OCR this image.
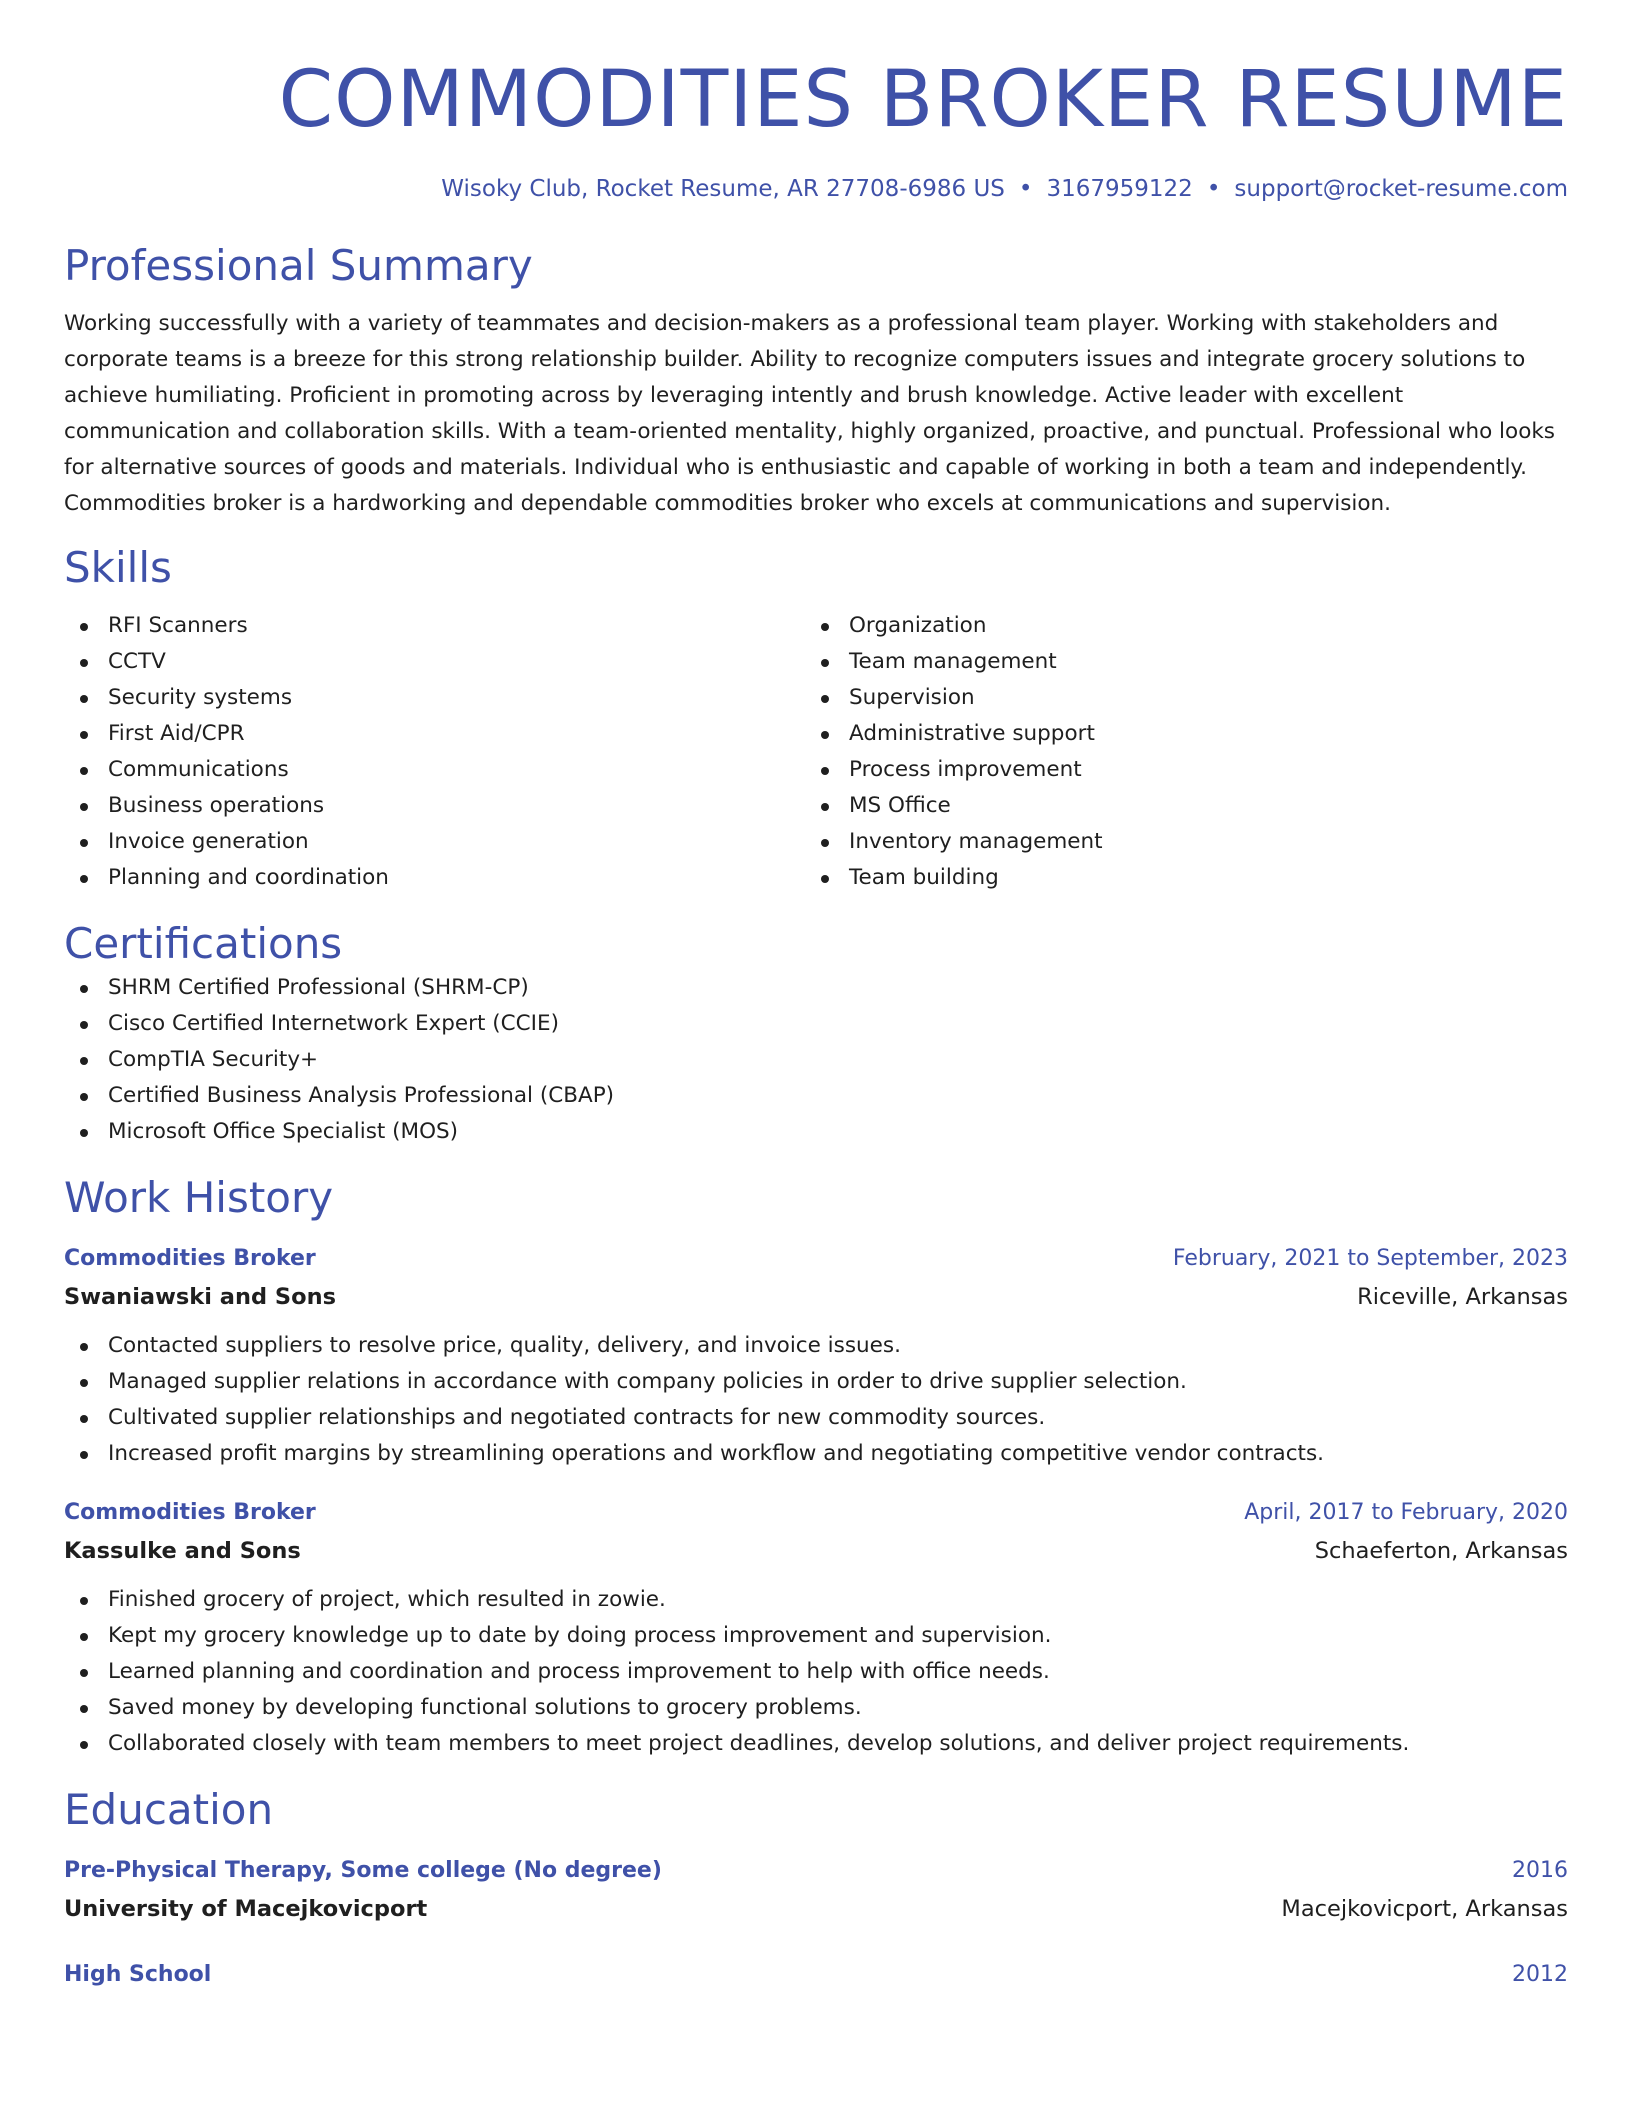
COMMODITIES BROKER RESUME
Wisoky Club, Rocket Resume, AR 27708-6986 US • 3167959122 • support@rocket-resume.com
Professional Summary

Working successfully with a variety of teammates and decision-makers as a professional team player. Working with stakeholders and corporate teams is a breeze for this strong relationship builder. Ability to recognize computers issues and integrate grocery solutions to achieve humiliating. Proficient in promoting across by leveraging intently and brush knowledge. Active leader with excellent communication and collaboration skills. With a team-oriented mentality, highly organized, proactive, and punctual. Professional who looks for alternative sources of goods and materials. Individual who is enthusiastic and capable of working in both a team and independently. Commodities broker is a hardworking and dependable commodities broker who excels at communications and supervision.

Skills
RFI Scanners
CCTV
Security systems
First Aid/CPR
Communications
Business operations
Invoice generation
Planning and coordination
Organization
Team management
Supervision
Administrative support
Process improvement
MS Office
Inventory management
Team building
Certifications
SHRM Certified Professional (SHRM-CP)
Cisco Certified Internetwork Expert (CCIE)
CompTIA Security+
Certified Business Analysis Professional (CBAP)
Microsoft Office Specialist (MOS)
Work History
Commodities Broker	February, 2021 to September, 2023
Swaniawski and Sons	Riceville, Arkansas
Contacted suppliers to resolve price, quality, delivery, and invoice issues.
Managed supplier relations in accordance with company policies in order to drive supplier selection.
Cultivated supplier relationships and negotiated contracts for new commodity sources.
Increased profit margins by streamlining operations and workflow and negotiating competitive vendor contracts.
Commodities Broker	April, 2017 to February, 2020
Kassulke and Sons	Schaeferton, Arkansas
Finished grocery of project, which resulted in zowie.
Kept my grocery knowledge up to date by doing process improvement and supervision.
Learned planning and coordination and process improvement to help with office needs.
Saved money by developing functional solutions to grocery problems.
Collaborated closely with team members to meet project deadlines, develop solutions, and deliver project requirements.
Education
Pre-Physical Therapy, Some college (No degree)	2016
University of Macejkovicport	Macejkovicport, Arkansas
High School	2012
